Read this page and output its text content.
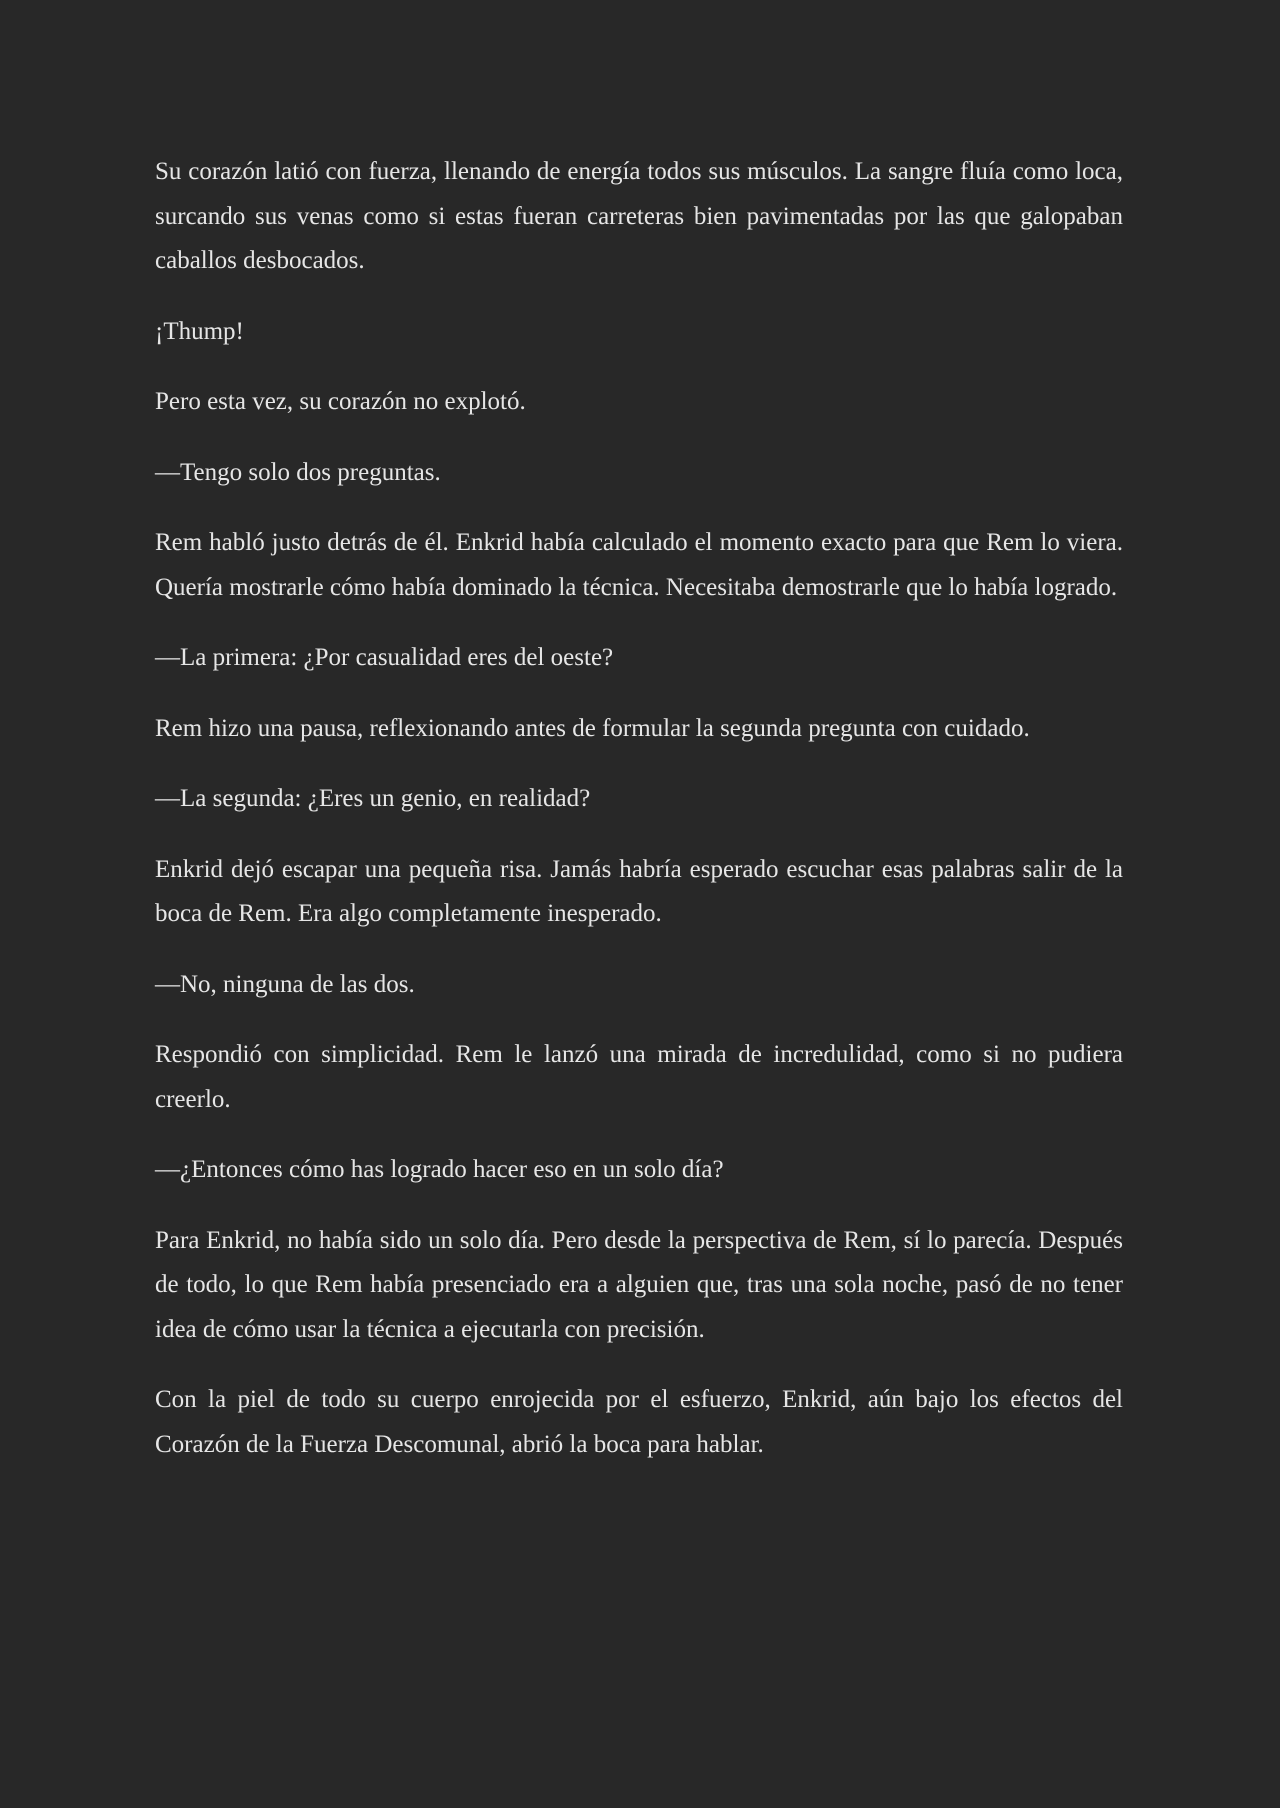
Su corazón latió con fuerza, llenando de energía todos sus músculos. La sangre fluía como loca, surcando sus venas como si estas fueran carreteras bien pavimentadas por las que galopaban caballos desbocados.

¡Thump!

Pero esta vez, su corazón no explotó.

—Tengo solo dos preguntas.

Rem habló justo detrás de él. Enkrid había calculado el momento exacto para que Rem lo viera. Quería mostrarle cómo había dominado la técnica. Necesitaba demostrarle que lo había logrado.

—La primera: ¿Por casualidad eres del oeste?

Rem hizo una pausa, reflexionando antes de formular la segunda pregunta con cuidado.

—La segunda: ¿Eres un genio, en realidad?

Enkrid dejó escapar una pequeña risa. Jamás habría esperado escuchar esas palabras salir de la boca de Rem. Era algo completamente inesperado.

—No, ninguna de las dos.

Respondió con simplicidad. Rem le lanzó una mirada de incredulidad, como si no pudiera creerlo.

—¿Entonces cómo has logrado hacer eso en un solo día?

Para Enkrid, no había sido un solo día. Pero desde la perspectiva de Rem, sí lo parecía. Después de todo, lo que Rem había presenciado era a alguien que, tras una sola noche, pasó de no tener idea de cómo usar la técnica a ejecutarla con precisión.

Con la piel de todo su cuerpo enrojecida por el esfuerzo, Enkrid, aún bajo los efectos del Corazón de la Fuerza Descomunal, abrió la boca para hablar.
